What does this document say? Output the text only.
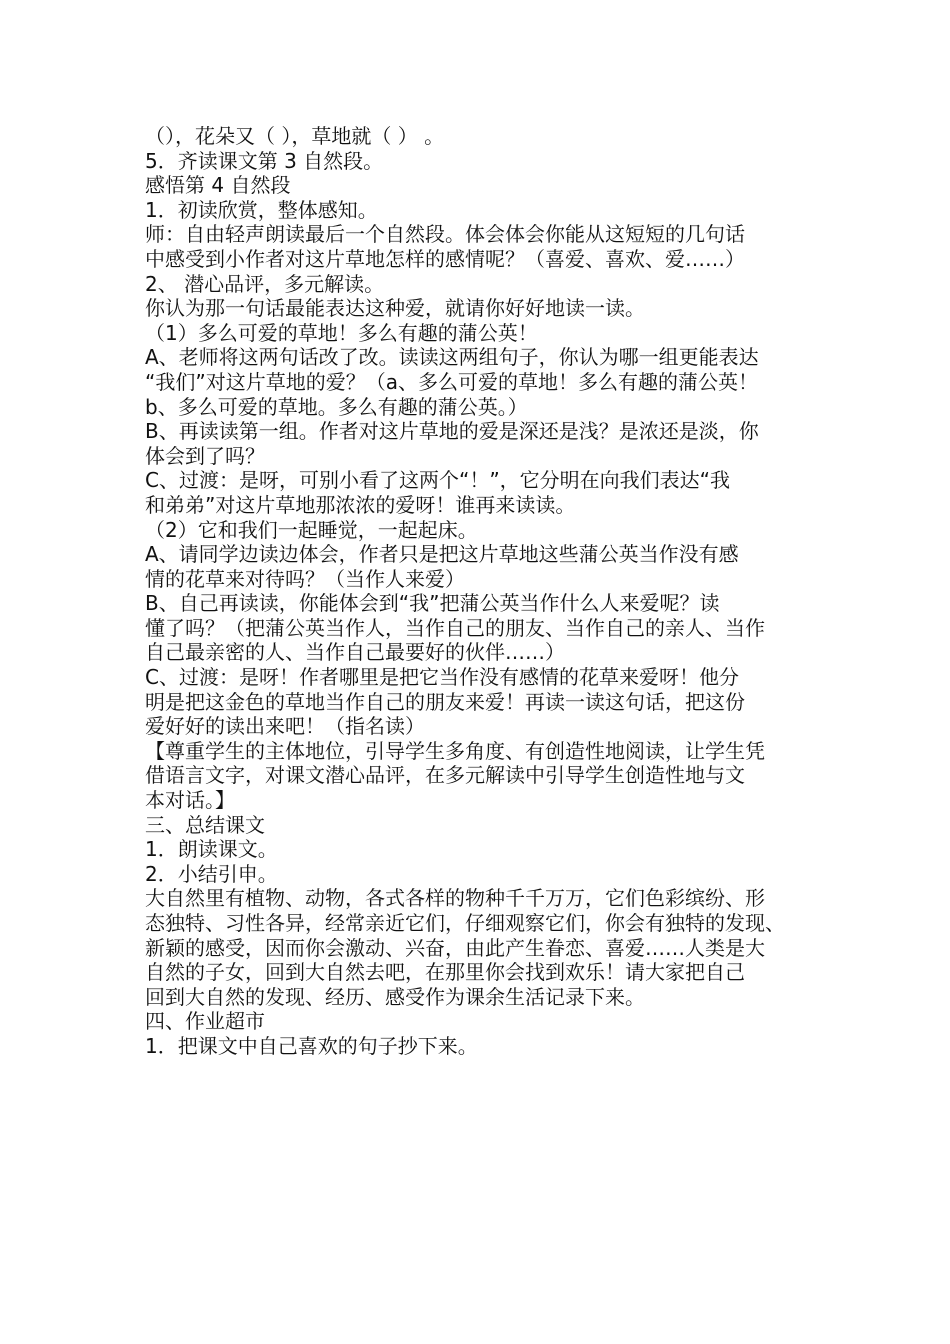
（），花朵又（ ），草地就（ ） 。
5．齐读课文第 3 自然段。
感悟第 4 自然段
1．初读欣赏，整体感知。
师：自由轻声朗读最后一个自然段。体会体会你能从这短短的几句话
中感受到小作者对这片草地怎样的感情呢？（喜爱、喜欢、爱……）
2、 潜心品评，多元解读。
你认为那一句话最能表达这种爱，就请你好好地读一读。
（1）多么可爱的草地！多么有趣的蒲公英！
A、老师将这两句话改了改。读读这两组句子，你认为哪一组更能表达
“我们”对这片草地的爱？（a、多么可爱的草地！多么有趣的蒲公英！
b、多么可爱的草地。多么有趣的蒲公英。）
B、再读读第一组。作者对这片草地的爱是深还是浅？是浓还是淡，你
体会到了吗？
C、过渡：是呀，可别小看了这两个“！”，它分明在向我们表达“我
和弟弟”对这片草地那浓浓的爱呀！谁再来读读。
（2）它和我们一起睡觉，一起起床。
A、请同学边读边体会，作者只是把这片草地这些蒲公英当作没有感
情的花草来对待吗？（当作人来爱）
B、自己再读读，你能体会到“我”把蒲公英当作什么人来爱呢？读
懂了吗？（把蒲公英当作人，当作自己的朋友、当作自己的亲人、当作
自己最亲密的人、当作自己最要好的伙伴……）
C、过渡：是呀！作者哪里是把它当作没有感情的花草来爱呀！他分
明是把这金色的草地当作自己的朋友来爱！再读一读这句话，把这份
爱好好的读出来吧！（指名读）
【尊重学生的主体地位，引导学生多角度、有创造性地阅读，让学生凭
借语言文字，对课文潜心品评，在多元解读中引导学生创造性地与文
本对话。】
三、总结课文
1．朗读课文。
2．小结引申。
大自然里有植物、动物，各式各样的物种千千万万，它们色彩缤纷、形
态独特、习性各异，经常亲近它们，仔细观察它们，你会有独特的发现、
新颖的感受，因而你会激动、兴奋，由此产生眷恋、喜爱……人类是大
自然的子女，回到大自然去吧，在那里你会找到欢乐！请大家把自己
回到大自然的发现、经历、感受作为课余生活记录下来。
四、作业超市
1．把课文中自己喜欢的句子抄下来。
